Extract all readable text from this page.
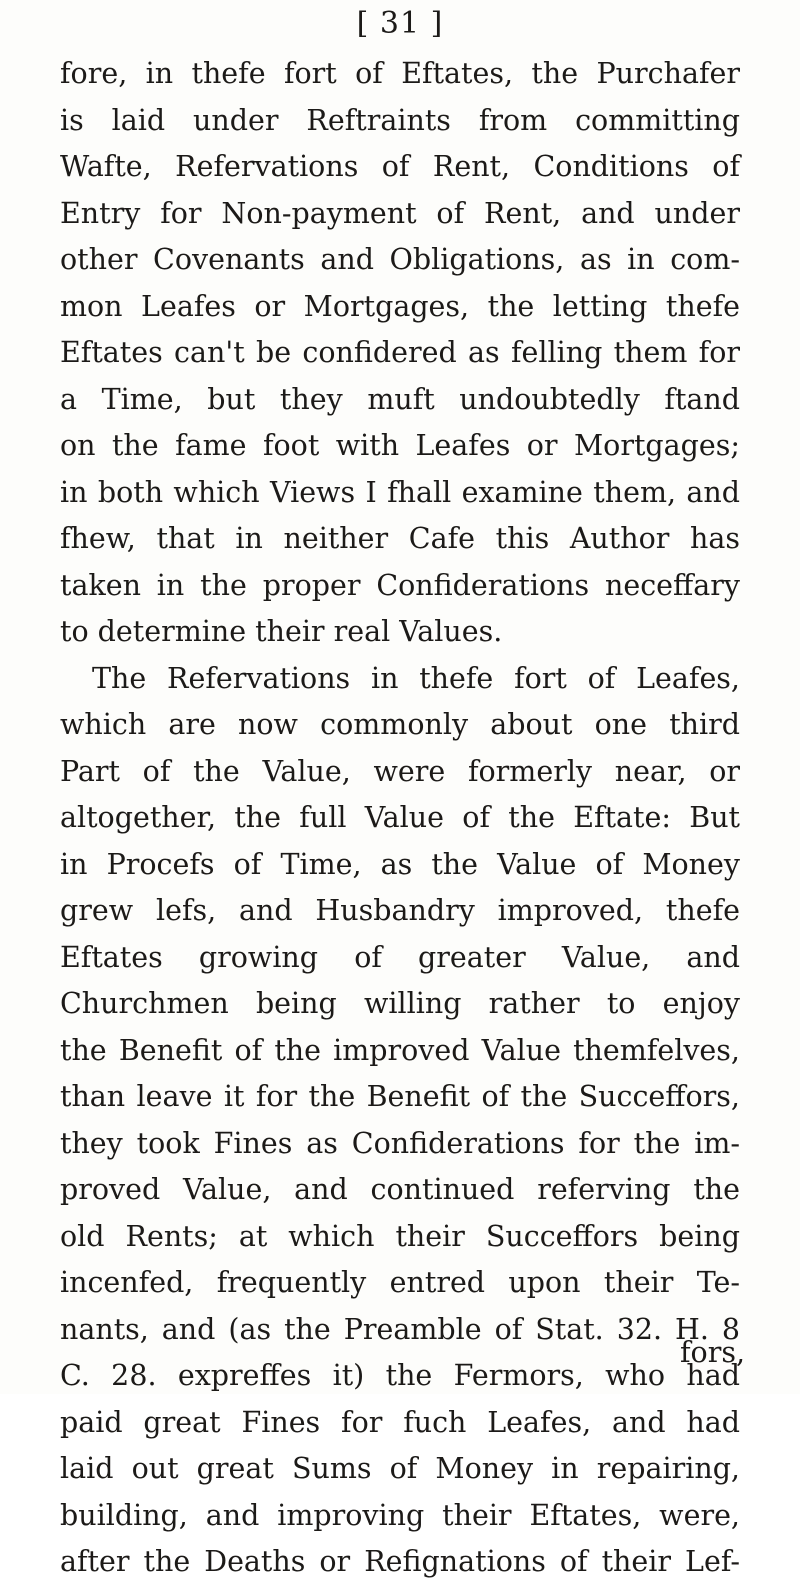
[ 31 ]
fore, in thefe fort of Eftates, the Purchafer
is laid under Reftraints from committing
Wafte, Refervations of Rent, Conditions of
Entry for Non-payment of Rent, and under
other Covenants and Obligations, as in com-
mon Leafes or Mortgages, the letting thefe
Eftates can't be confidered as felling them for
a Time, but they muft undoubtedly ftand
on the fame foot with Leafes or Mortgages;
in both which Views I fhall examine them, and
fhew, that in neither Cafe this Author has
taken in the proper Confiderations neceffary
to determine their real Values.
The Refervations in thefe fort of Leafes,
which are now commonly about one third
Part of the Value, were formerly near, or
altogether, the full Value of the Eftate: But
in Procefs of Time, as the Value of Money
grew lefs, and Husbandry improved, thefe
Eftates growing of greater Value, and
Churchmen being willing rather to enjoy
the Benefit of the improved Value themfelves,
than leave it for the Benefit of the Succeffors,
they took Fines as Confiderations for the im-
proved Value, and continued referving the
old Rents; at which their Succeffors being
incenfed, frequently entred upon their Te-
nants, and (as the Preamble of Stat. 32. H. 8
C. 28. expreffes it) the Fermors, who had
paid great Fines for fuch Leafes, and had
laid out great Sums of Money in repairing,
building, and improving their Eftates, were,
after the Deaths or Refignations of their Lef-
fors,
